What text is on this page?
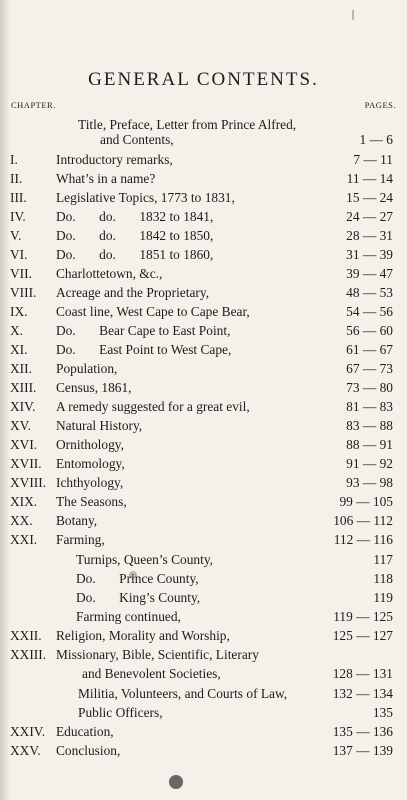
GENERAL CONTENTS.
CHAPTER.	PAGES.
Title, Preface, Letter from Prince Alfred,
and Contents,	1 — 6
I.	Introductory remarks,	7 — 11
II.	What’s in a name?	11 — 14
III. Legislative Topics, 1773 to 1831,	15 — 24
IV. Do.       do.       1832 to 1841,	24 — 27
V.	Do.       do.       1842 to 1850,	28 — 31
VI. Do.       do.       1851 to 1860,	31 — 39
VII. Charlottetown, &c.,	39 — 47
VIII. Acreage and the Proprietary,	48 — 53
IX. Coast line, West Cape to Cape Bear,	54 — 56
X. Do.       Bear Cape to East Point,	56 — 60
XI. Do.       East Point to West Cape,	61 — 67
XII. Population,	67 — 73
XIII. Census, 1861,	73 — 80
XIV. A remedy suggested for a great evil,	81 — 83
XV. Natural History,	83 — 88
XVI. Ornithology,	88 — 91
XVII. Entomology,	91 — 92
XVIII. Ichthyology,	93 — 98
XIX. The Seasons,	99 — 105
XX. Botany,	106 — 112
XXI. Farming,	112 — 116
Turnips, Queen’s County,	117
Do.       Prince County,	118
Do.       King’s County,	119
Farming continued,	119 — 125
XXII. Religion, Morality and Worship,	125 — 127
XXIII. Missionary, Bible, Scientific, Literary
and Benevolent Societies,	128 — 131
Militia, Volunteers, and Courts of Law,	132 — 134
Public Officers,	135
XXIV. Education,	135 — 136
XXV. Conclusion,	137 — 139
